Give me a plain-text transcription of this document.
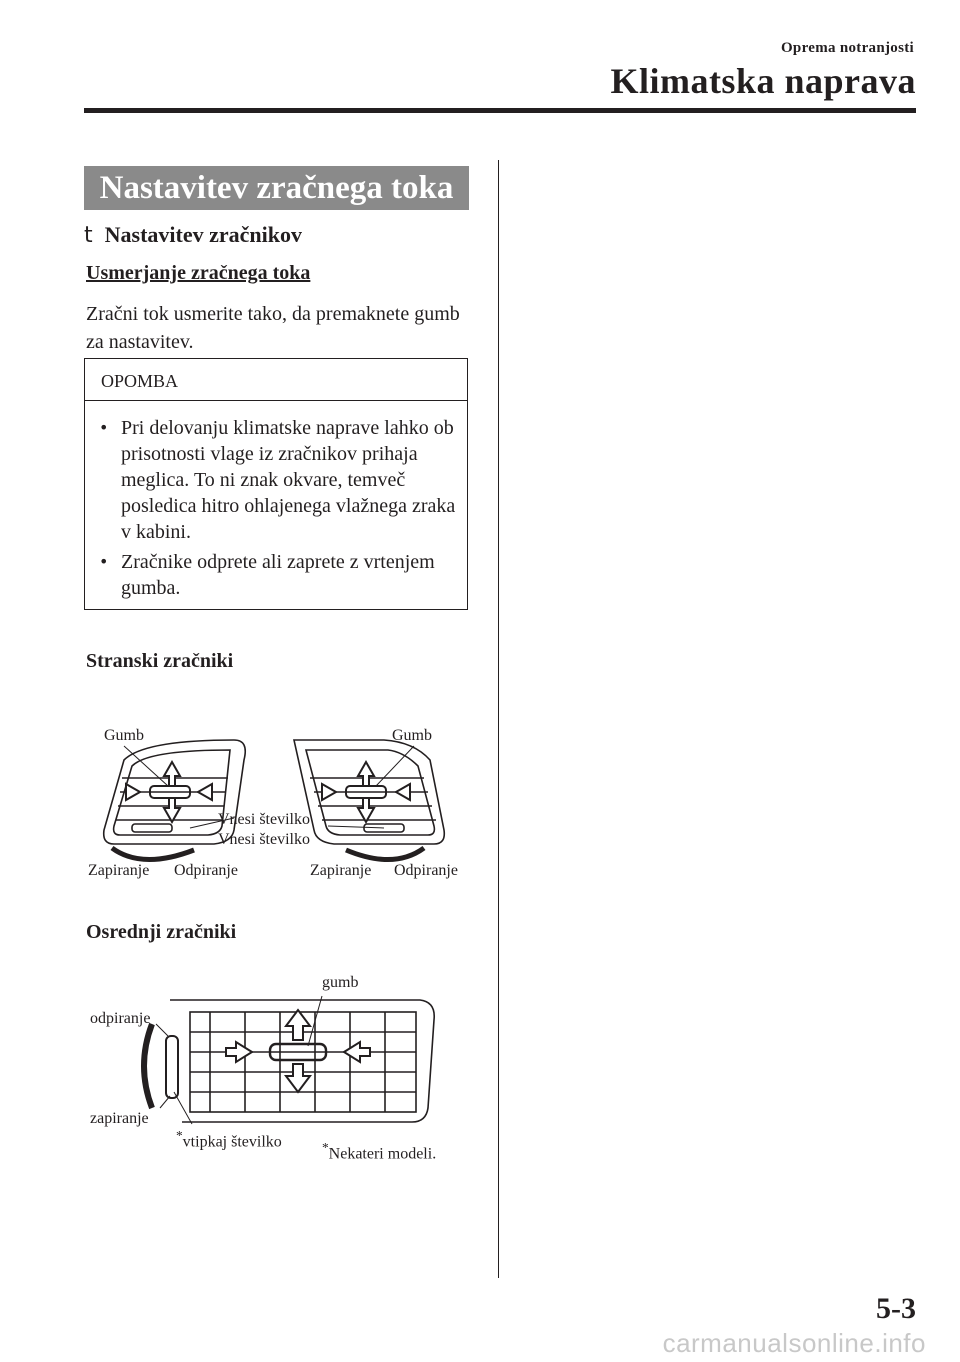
Oprema notranjosti
Klimatska naprava
Nastavitev zračnega toka
t Nastavitev zračnikov
Usmerjanje zračnega toka
Zračni tok usmerite tako, da premaknete gumb za nastavitev.
OPOMBA
• Pri delovanju klimatske naprave lahko ob prisotnosti vlage iz zračnikov prihaja meglica. To ni znak okvare, temveč posledica hitro ohlajenega vlažnega zraka v kabini.
• Zračnike odprete ali zaprete z vrtenjem gumba.
Stranski zračniki
Gumb	Gumb
Vnesi številko
Vnesi številko
Zapiranje Odpiranje	Zapiranje Odpiranje
Osrednji zračniki
gumb
odpiranje
zapiranje
*vtipkaj številko	*Nekateri modeli.
5-3
carmanualsonline.info
